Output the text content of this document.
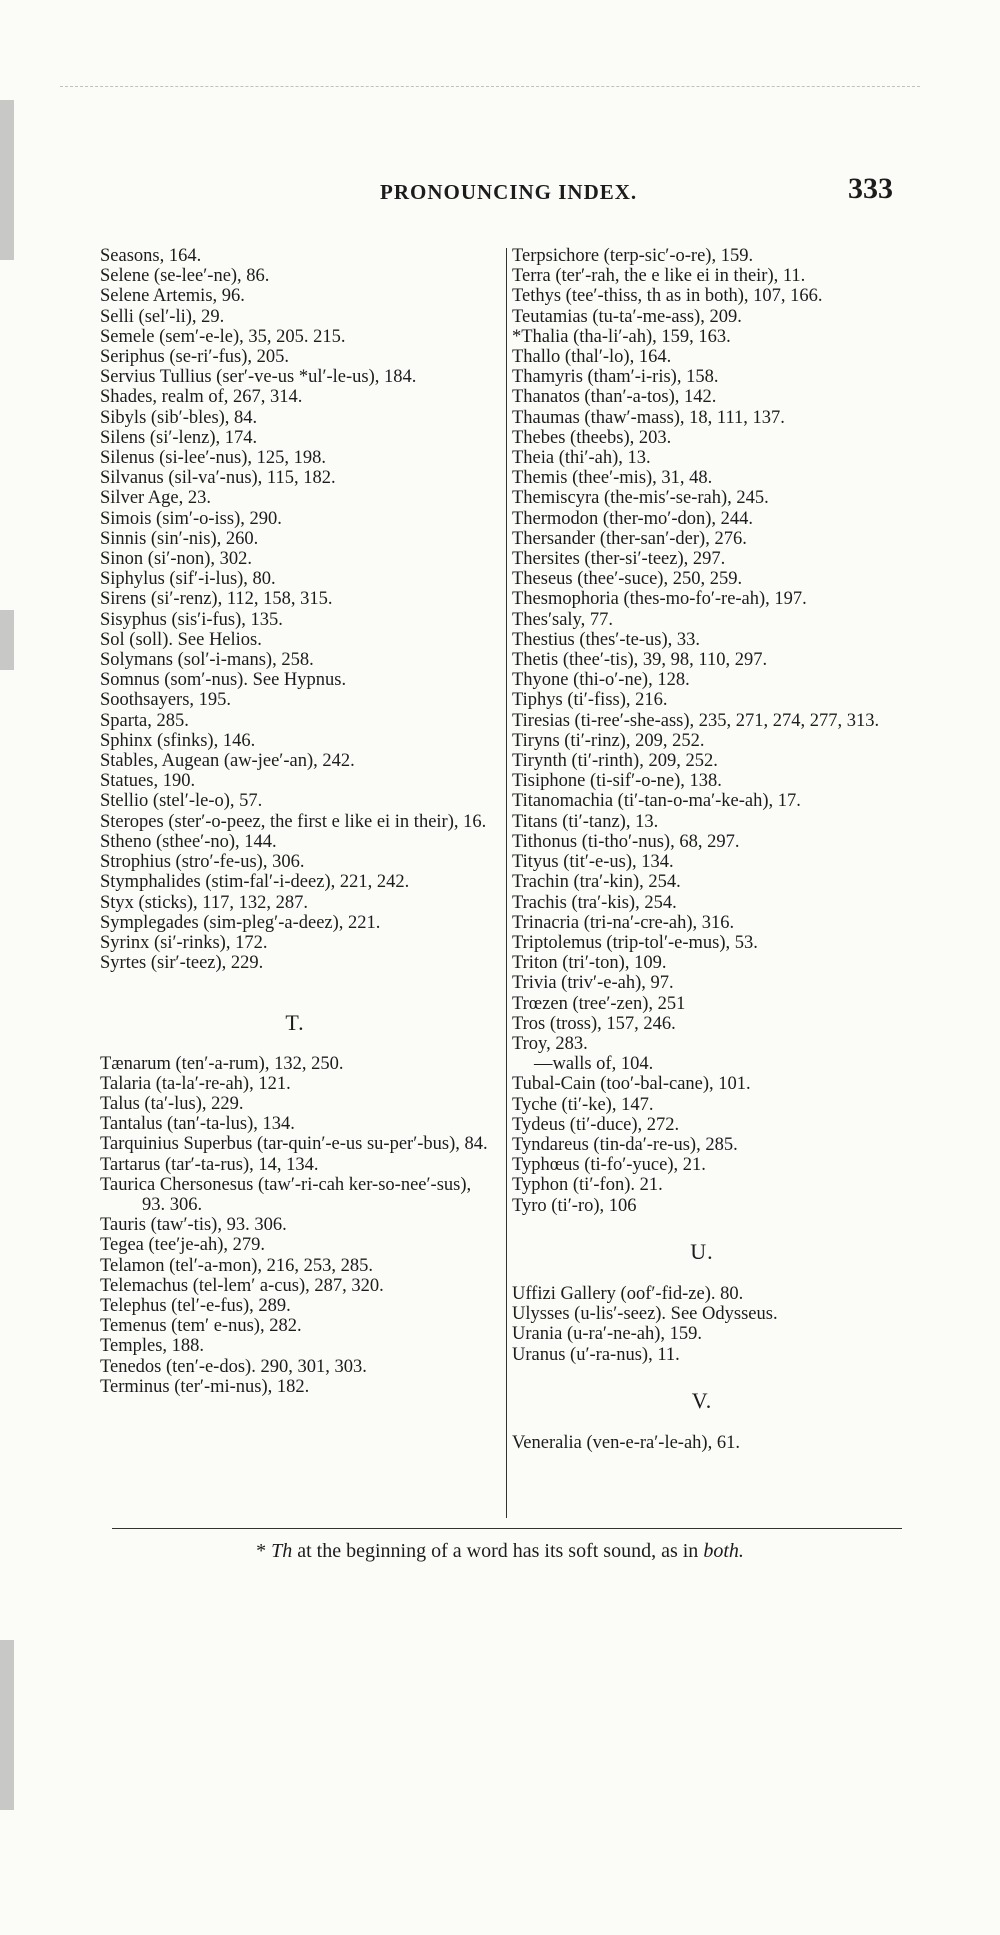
PRONOUNCING INDEX.	333
Seasons, 164.
Selene (se-lee′-ne), 86.
Selene Artemis, 96.
Selli (sel′-li), 29.
Semele (sem′-e-le), 35, 205. 215.
Seriphus (se-ri′-fus), 205.
Servius Tullius (ser′-ve-us *ul′-le-us), 184.
Shades, realm of, 267, 314.
Sibyls (sib′-bles), 84.
Silens (si′-lenz), 174.
Silenus (si-lee′-nus), 125, 198.
Silvanus (sil-va′-nus), 115, 182.
Silver Age, 23.
Simois (sim′-o-iss), 290.
Sinnis (sin′-nis), 260.
Sinon (si′-non), 302.
Siphylus (sif′-i-lus), 80.
Sirens (si′-renz), 112, 158, 315.
Sisyphus (sis′i-fus), 135.
Sol (soll). See Helios.
Solymans (sol′-i-mans), 258.
Somnus (som′-nus). See Hypnus.
Soothsayers, 195.
Sparta, 285.
Sphinx (sfinks), 146.
Stables, Augean (aw-jee′-an), 242.
Statues, 190.
Stellio (stel′-le-o), 57.
Steropes (ster′-o-peez, the first e like ei in their), 16.
Stheno (sthee′-no), 144.
Strophius (stro′-fe-us), 306.
Stymphalides (stim-fal′-i-deez), 221, 242.
Styx (sticks), 117, 132, 287.
Symplegades (sim-pleg′-a-deez), 221.
Syrinx (si′-rinks), 172.
Syrtes (sir′-teez), 229.
T.
Tænarum (ten′-a-rum), 132, 250.
Talaria (ta-la′-re-ah), 121.
Talus (ta′-lus), 229.
Tantalus (tan′-ta-lus), 134.
Tarquinius Superbus (tar-quin′-e-us su-per′-bus), 84.
Tartarus (tar′-ta-rus), 14, 134.
Taurica Chersonesus (taw′-ri-cah ker-so-nee′-sus), 93. 306.
Tauris (taw′-tis), 93. 306.
Tegea (tee′je-ah), 279.
Telamon (tel′-a-mon), 216, 253, 285.
Telemachus (tel-lem′ a-cus), 287, 320.
Telephus (tel′-e-fus), 289.
Temenus (tem′ e-nus), 282.
Temples, 188.
Tenedos (ten′-e-dos). 290, 301, 303.
Terminus (ter′-mi-nus), 182.
Terpsichore (terp-sic′-o-re), 159.
Terra (ter′-rah, the e like ei in their), 11.
Tethys (tee′-thiss, th as in both), 107, 166.
Teutamias (tu-ta′-me-ass), 209.
*Thalia (tha-li′-ah), 159, 163.
Thallo (thal′-lo), 164.
Thamyris (tham′-i-ris), 158.
Thanatos (than′-a-tos), 142.
Thaumas (thaw′-mass), 18, 111, 137.
Thebes (theebs), 203.
Theia (thi′-ah), 13.
Themis (thee′-mis), 31, 48.
Themiscyra (the-mis′-se-rah), 245.
Thermodon (ther-mo′-don), 244.
Thersander (ther-san′-der), 276.
Thersites (ther-si′-teez), 297.
Theseus (thee′-suce), 250, 259.
Thesmophoria (thes-mo-fo′-re-ah), 197.
Thes′saly, 77.
Thestius (thes′-te-us), 33.
Thetis (thee′-tis), 39, 98, 110, 297.
Thyone (thi-o′-ne), 128.
Tiphys (ti′-fiss), 216.
Tiresias (ti-ree′-she-ass), 235, 271, 274, 277, 313.
Tiryns (ti′-rinz), 209, 252.
Tirynth (ti′-rinth), 209, 252.
Tisiphone (ti-sif′-o-ne), 138.
Titanomachia (ti′-tan-o-ma′-ke-ah), 17.
Titans (ti′-tanz), 13.
Tithonus (ti-tho′-nus), 68, 297.
Tityus (tit′-e-us), 134.
Trachin (tra′-kin), 254.
Trachis (tra′-kis), 254.
Trinacria (tri-na′-cre-ah), 316.
Triptolemus (trip-tol′-e-mus), 53.
Triton (tri′-ton), 109.
Trivia (triv′-e-ah), 97.
Trœzen (tree′-zen), 251
Tros (tross), 157, 246.
Troy, 283.
—walls of, 104.
Tubal-Cain (too′-bal-cane), 101.
Tyche (ti′-ke), 147.
Tydeus (ti′-duce), 272.
Tyndareus (tin-da′-re-us), 285.
Typhœus (ti-fo′-yuce), 21.
Typhon (ti′-fon). 21.
Tyro (ti′-ro), 106
U.
Uffizi Gallery (oof′-fid-ze). 80.
Ulysses (u-lis′-seez). See Odysseus.
Urania (u-ra′-ne-ah), 159.
Uranus (u′-ra-nus), 11.
V.
Veneralia (ven-e-ra′-le-ah), 61.
* Th at the beginning of a word has its soft sound, as in both.
